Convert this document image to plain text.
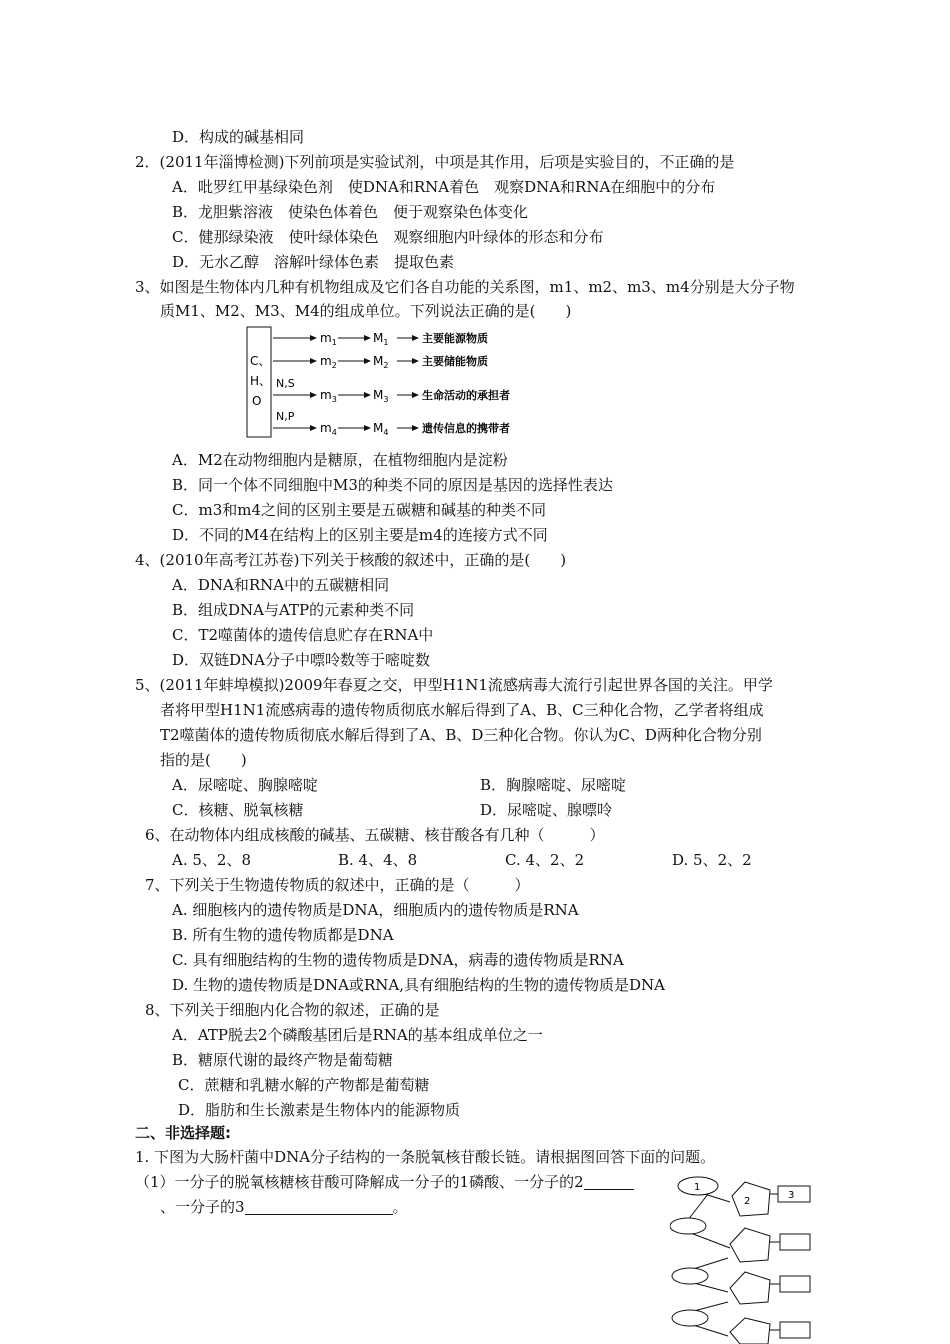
D．构成的碱基相同
2．(2011年淄博检测)下列前项是实验试剂，中项是其作用，后项是实验目的，不正确的是
A．吡罗红甲基绿染色剂　使DNA和RNA着色　观察DNA和RNA在细胞中的分布
B．龙胆紫溶液　使染色体着色　便于观察染色体变化
C．健那绿染液　使叶绿体染色　观察细胞内叶绿体的形态和分布
D．无水乙醇　溶解叶绿体色素　提取色素
3、如图是生物体内几种有机物组成及它们各自功能的关系图，m1、m2、m3、m4分别是大分子物
质M1、M2、M3、M4的组成单位。下列说法正确的是(　　)
C、
H、
O
$m_1$	$M_1$	主要能源物质
$m_2$	$M_2$	主要储能物质
N,S
$m_3$	$M_3$	生命活动的承担者
N,P
$m_4$	$M_4$	遗传信息的携带者
A．M2在动物细胞内是糖原，在植物细胞内是淀粉
B．同一个体不同细胞中M3的种类不同的原因是基因的选择性表达
C．m3和m4之间的区别主要是五碳糖和碱基的种类不同
D．不同的M4在结构上的区别主要是m4的连接方式不同
4、(2010年高考江苏卷)下列关于核酸的叙述中，正确的是(　　)
A．DNA和RNA中的五碳糖相同
B．组成DNA与ATP的元素种类不同
C．T2噬菌体的遗传信息贮存在RNA中
D．双链DNA分子中嘌呤数等于嘧啶数
5、(2011年蚌埠模拟)2009年春夏之交，甲型H1N1流感病毒大流行引起世界各国的关注。甲学
者将甲型H1N1流感病毒的遗传物质彻底水解后得到了A、B、C三种化合物，乙学者将组成
T2噬菌体的遗传物质彻底水解后得到了A、B、D三种化合物。你认为C、D两种化合物分别
指的是(　　)
A．尿嘧啶、胸腺嘧啶	B．胸腺嘧啶、尿嘧啶
C．核糖、脱氧核糖	D．尿嘧啶、腺嘌呤
6、在动物体内组成核酸的碱基、五碳糖、核苷酸各有几种（　　　）
A. 5、2、8	B. 4、4、8	C. 4、2、2	D. 5、2、2
7、下列关于生物遗传物质的叙述中，正确的是（　　　）
A. 细胞核内的遗传物质是DNA，细胞质内的遗传物质是RNA
B. 所有生物的遗传物质都是DNA
C. 具有细胞结构的生物的遗传物质是DNA，病毒的遗传物质是RNA
D. 生物的遗传物质是DNA或RNA,具有细胞结构的生物的遗传物质是DNA
8、下列关于细胞内化合物的叙述，正确的是
A．ATP脱去2个磷酸基团后是RNA的基本组成单位之一
B．糖原代谢的最终产物是葡萄糖
C．蔗糖和乳糖水解的产物都是葡萄糖
D．脂肪和生长激素是生物体内的能源物质
二、非选择题:
1. 下图为大肠杆菌中DNA分子结构的一条脱氧核苷酸长链。请根据图回答下面的问题。
（1）一分子的脱氧核糖核苷酸可降解成一分子的1磷酸、一分子的2
、一分子的3	。
1
2
3
